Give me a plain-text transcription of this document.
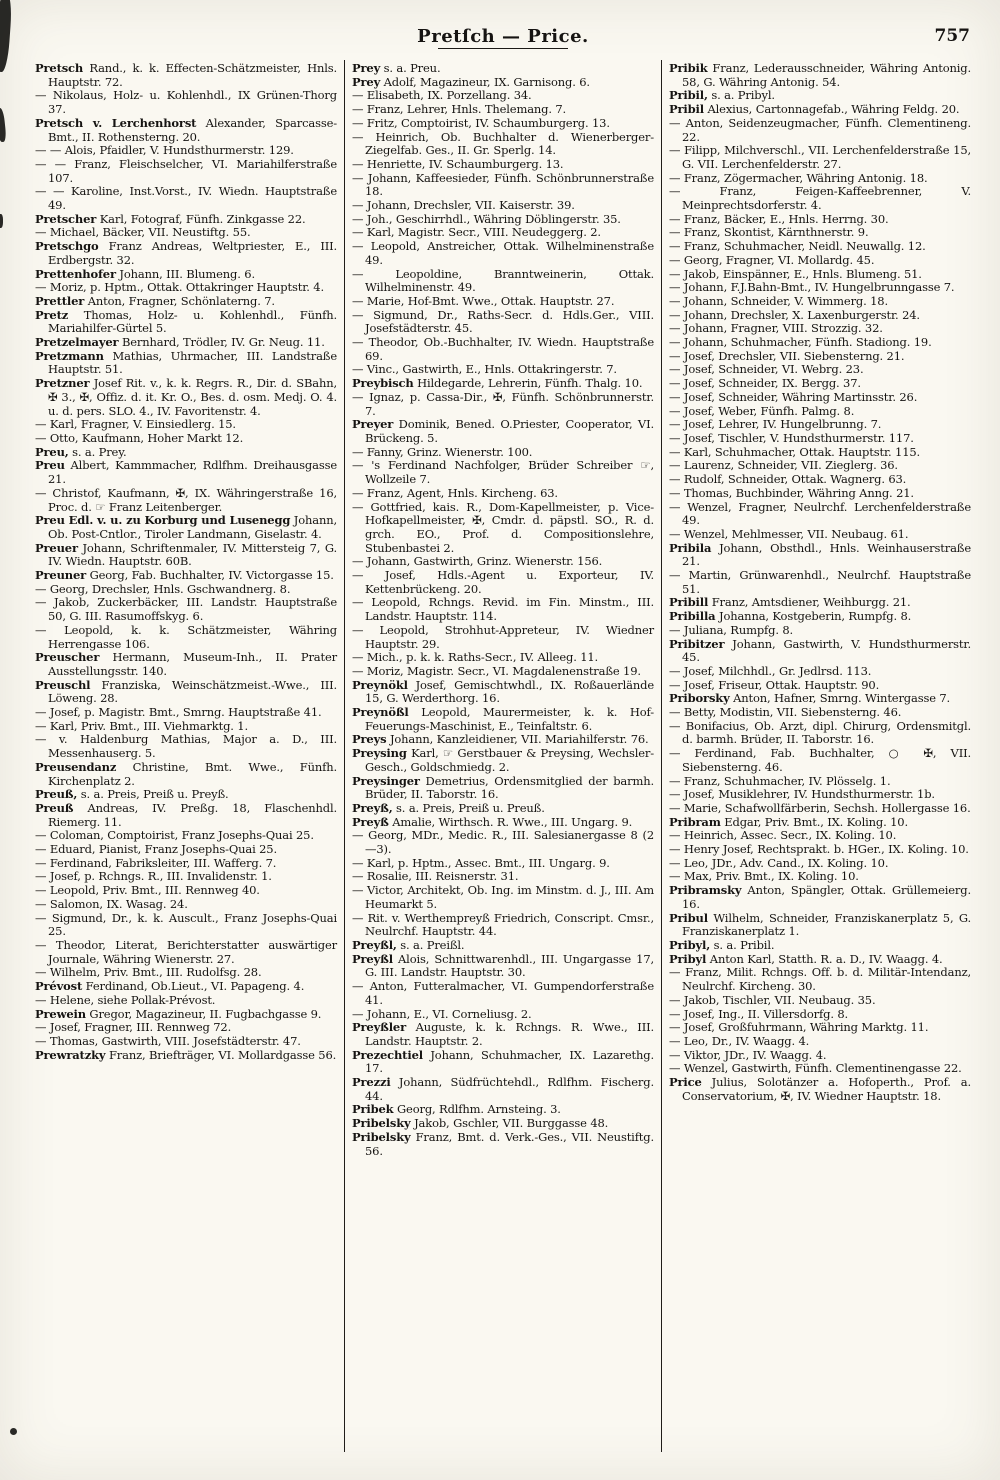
Pretſch — Price.	757
Pretsch Rand., k. k. Effecten-Schätzmeister, Hnls. Hauptstr. 72.
— Nikolaus, Holz- u. Kohlenhdl., IX Grünen-Thorg 37.
Pretsch v. Lerchenhorst Alexander, Sparcasse-Bmt., II. Rothensterng. 20.
— — Alois, Pfaidler, V. Hundsthurmerstr. 129.
— — Franz, Fleischselcher, VI. Mariahilferstraße 107.
— — Karoline, Inst.Vorst., IV. Wiedn. Hauptstraße 49.
Pretscher Karl, Fotograf, Fünfh. Zinkgasse 22.
— Michael, Bäcker, VII. Neustiftg. 55.
Pretschgo Franz Andreas, Weltpriester, E., III. Erdbergstr. 32.
Prettenhofer Johann, III. Blumeng. 6.
— Moriz, p. Hptm., Ottak. Ottakringer Hauptstr. 4.
Prettler Anton, Fragner, Schönlaterng. 7.
Pretz Thomas, Holz- u. Kohlenhdl., Fünfh. Mariahilfer-Gürtel 5.
Pretzelmayer Bernhard, Trödler, IV. Gr. Neug. 11.
Pretzmann Mathias, Uhrmacher, III. Landstraße Hauptstr. 51.
Pretzner Josef Rit. v., k. k. Regrs. R., Dir. d. SBahn, ✠ 3., ✠, Offiz. d. it. Kr. O., Bes. d. osm. Medj. O. 4. u. d. pers. SLO. 4., IV. Favoritenstr. 4.
— Karl, Fragner, V. Einsiedlerg. 15.
— Otto, Kaufmann, Hoher Markt 12.
Preu, s. a. Prey.
Preu Albert, Kammmacher, Rdlfhm. Dreihausgasse 21.
— Christof, Kaufmann, ✠, IX. Währingerstraße 16, Proc. d. ☞ Franz Leitenberger.
Preu Edl. v. u. zu Korburg und Lusenegg Johann, Ob. Post-Cntlor., Tiroler Landmann, Giselastr. 4.
Preuer Johann, Schriftenmaler, IV. Mittersteig 7, G. IV. Wiedn. Hauptstr. 60B.
Preuner Georg, Fab. Buchhalter, IV. Victorgasse 15.
— Georg, Drechsler, Hnls. Gschwandnerg. 8.
— Jakob, Zuckerbäcker, III. Landstr. Hauptstraße 50, G. III. Rasumoffskyg. 6.
— Leopold, k. k. Schätzmeister, Währing Herrengasse 106.
Preuscher Hermann, Museum-Inh., II. Prater Ausstellungsstr. 140.
Preuschl Franziska, Weinschätzmeist.-Wwe., III. Löweng. 28.
— Josef, p. Magistr. Bmt., Smrng. Hauptstraße 41.
— Karl, Priv. Bmt., III. Viehmarktg. 1.
— v. Haldenburg Mathias, Major a. D., III. Messenhauserg. 5.
Preusendanz Christine, Bmt. Wwe., Fünfh. Kirchenplatz 2.
Preuß, s. a. Preis, Preiß u. Preyß.
Preuß Andreas, IV. Preßg. 18, Flaschenhdl. Riemerg. 11.
— Coloman, Comptoirist, Franz Josephs-Quai 25.
— Eduard, Pianist, Franz Josephs-Quai 25.
— Ferdinand, Fabriksleiter, III. Wafferg. 7.
— Josef, p. Rchngs. R., III. Invalidenstr. 1.
— Leopold, Priv. Bmt., III. Rennweg 40.
— Salomon, IX. Wasag. 24.
— Sigmund, Dr., k. k. Auscult., Franz Josephs-Quai 25.
— Theodor, Literat, Berichterstatter auswärtiger Journale, Währing Wienerstr. 27.
— Wilhelm, Priv. Bmt., III. Rudolfsg. 28.
Prévost Ferdinand, Ob.Lieut., VI. Papageng. 4.
— Helene, siehe Pollak-Prévost.
Prewein Gregor, Magazineur, II. Fugbachgasse 9.
— Josef, Fragner, III. Rennweg 72.
— Thomas, Gastwirth, VIII. Josefstädterstr. 47.
Prewratzky Franz, Briefträger, VI. Mollardgasse 56.
Prey s. a. Preu.
Prey Adolf, Magazineur, IX. Garnisong. 6.
— Elisabeth, IX. Porzellang. 34.
— Franz, Lehrer, Hnls. Thelemang. 7.
— Fritz, Comptoirist, IV. Schaumburgerg. 13.
— Heinrich, Ob. Buchhalter d. Wienerberger-Ziegelfab. Ges., II. Gr. Sperlg. 14.
— Henriette, IV. Schaumburgerg. 13.
— Johann, Kaffeesieder, Fünfh. Schönbrunnerstraße 18.
— Johann, Drechsler, VII. Kaiserstr. 39.
— Joh., Geschirrhdl., Währing Döblingerstr. 35.
— Karl, Magistr. Secr., VIII. Neudeggerg. 2.
— Leopold, Anstreicher, Ottak. Wilhelminenstraße 49.
— Leopoldine, Branntweinerin, Ottak. Wilhelminenstr. 49.
— Marie, Hof-Bmt. Wwe., Ottak. Hauptstr. 27.
— Sigmund, Dr., Raths-Secr. d. Hdls.Ger., VIII. Josefstädterstr. 45.
— Theodor, Ob.-Buchhalter, IV. Wiedn. Hauptstraße 69.
— Vinc., Gastwirth, E., Hnls. Ottakringerstr. 7.
Preybisch Hildegarde, Lehrerin, Fünfh. Thalg. 10.
— Ignaz, p. Cassa-Dir., ✠, Fünfh. Schönbrunnerstr. 7.
Preyer Dominik, Bened. O.Priester, Cooperator, VI. Brückeng. 5.
— Fanny, Grinz. Wienerstr. 100.
— 's Ferdinand Nachfolger, Brüder Schreiber ☞, Wollzeile 7.
— Franz, Agent, Hnls. Kircheng. 63.
— Gottfried, kais. R., Dom-Kapellmeister, p. Vice-Hofkapellmeister, ✠, Cmdr. d. päpstl. SO., R. d. grch. EO., Prof. d. Compositionslehre, Stubenbastei 2.
— Johann, Gastwirth, Grinz. Wienerstr. 156.
— Josef, Hdls.-Agent u. Exporteur, IV. Kettenbrückeng. 20.
— Leopold, Rchngs. Revid. im Fin. Minstm., III. Landstr. Hauptstr. 114.
— Leopold, Strohhut-Appreteur, IV. Wiedner Hauptstr. 29.
— Mich., p. k. k. Raths-Secr., IV. Alleeg. 11.
— Moriz, Magistr. Secr., VI. Magdalenenstraße 19.
Preynökl Josef, Gemischtwhdl., IX. Roßauerlände 15, G. Werderthorg. 16.
Preynößl Leopold, Maurermeister, k. k. Hof-Feuerungs-Maschinist, E., Teinfaltstr. 6.
Preys Johann, Kanzleidiener, VII. Mariahilferstr. 76.
Preysing Karl, ☞ Gerstbauer & Preysing, Wechsler-Gesch., Goldschmiedg. 2.
Preysinger Demetrius, Ordensmitglied der barmh. Brüder, II. Taborstr. 16.
Preyß, s. a. Preis, Preiß u. Preuß.
Preyß Amalie, Wirthsch. R. Wwe., III. Ungarg. 9.
— Georg, MDr., Medic. R., III. Salesianergasse 8 (2—3).
— Karl, p. Hptm., Assec. Bmt., III. Ungarg. 9.
— Rosalie, III. Reisnerstr. 31.
— Victor, Architekt, Ob. Ing. im Minstm. d. J., III. Am Heumarkt 5.
— Rit. v. Werthempreyß Friedrich, Conscript. Cmsr., Neulrchf. Hauptstr. 44.
Preyßl, s. a. Preißl.
Preyßl Alois, Schnittwarenhdl., III. Ungargasse 17, G. III. Landstr. Hauptstr. 30.
— Anton, Futteralmacher, VI. Gumpendorferstraße 41.
— Johann, E., VI. Corneliusg. 2.
Preyßler Auguste, k. k. Rchngs. R. Wwe., III. Landstr. Hauptstr. 2.
Prezechtiel Johann, Schuhmacher, IX. Lazarethg. 17.
Prezzi Johann, Südfrüchtehdl., Rdlfhm. Fischerg. 44.
Pribek Georg, Rdlfhm. Arnsteing. 3.
Pribelsky Jakob, Gschler, VII. Burggasse 48.
Pribelsky Franz, Bmt. d. Verk.-Ges., VII. Neustiftg. 56.
Pribik Franz, Lederausschneider, Währing Antonig. 58, G. Währing Antonig. 54.
Pribil, s. a. Pribyl.
Pribil Alexius, Cartonnagefab., Währing Feldg. 20.
— Anton, Seidenzeugmacher, Fünfh. Clementineng. 22.
— Filipp, Milchverschl., VII. Lerchenfelderstraße 15, G. VII. Lerchenfelderstr. 27.
— Franz, Zögermacher, Währing Antonig. 18.
— Franz, Feigen-Kaffeebrenner, V. Meinprechtsdorferstr. 4.
— Franz, Bäcker, E., Hnls. Herrng. 30.
— Franz, Skontist, Kärnthnerstr. 9.
— Franz, Schuhmacher, Neidl. Neuwallg. 12.
— Georg, Fragner, VI. Mollardg. 45.
— Jakob, Einspänner, E., Hnls. Blumeng. 51.
— Johann, F.J.Bahn-Bmt., IV. Hungelbrunngasse 7.
— Johann, Schneider, V. Wimmerg. 18.
— Johann, Drechsler, X. Laxenburgerstr. 24.
— Johann, Fragner, VIII. Strozzig. 32.
— Johann, Schuhmacher, Fünfh. Stadiong. 19.
— Josef, Drechsler, VII. Siebensterng. 21.
— Josef, Schneider, VI. Webrg. 23.
— Josef, Schneider, IX. Bergg. 37.
— Josef, Schneider, Währing Martinsstr. 26.
— Josef, Weber, Fünfh. Palmg. 8.
— Josef, Lehrer, IV. Hungelbrunng. 7.
— Josef, Tischler, V. Hundsthurmerstr. 117.
— Karl, Schuhmacher, Ottak. Hauptstr. 115.
— Laurenz, Schneider, VII. Zieglerg. 36.
— Rudolf, Schneider, Ottak. Wagnerg. 63.
— Thomas, Buchbinder, Währing Anng. 21.
— Wenzel, Fragner, Neulrchf. Lerchenfelderstraße 49.
— Wenzel, Mehlmesser, VII. Neubaug. 61.
Pribila Johann, Obsthdl., Hnls. Weinhauserstraße 21.
— Martin, Grünwarenhdl., Neulrchf. Hauptstraße 51.
Pribill Franz, Amtsdiener, Weihburgg. 21.
Pribilla Johanna, Kostgeberin, Rumpfg. 8.
— Juliana, Rumpfg. 8.
Pribitzer Johann, Gastwirth, V. Hundsthurmerstr. 45.
— Josef, Milchhdl., Gr. Jedlrsd. 113.
— Josef, Friseur, Ottak. Hauptstr. 90.
Priborsky Anton, Hafner, Smrng. Wintergasse 7.
— Betty, Modistin, VII. Siebensterng. 46.
— Bonifacius, Ob. Arzt, dipl. Chirurg, Ordensmitgl. d. barmh. Brüder, II. Taborstr. 16.
— Ferdinand, Fab. Buchhalter, ○ ✠, VII. Siebensterng. 46.
— Franz, Schuhmacher, IV. Plösselg. 1.
— Josef, Musiklehrer, IV. Hundsthurmerstr. 1b.
— Marie, Schafwollfärberin, Sechsh. Hollergasse 16.
Pribram Edgar, Priv. Bmt., IX. Koling. 10.
— Heinrich, Assec. Secr., IX. Koling. 10.
— Henry Josef, Rechtsprakt. b. HGer., IX. Koling. 10.
— Leo, JDr., Adv. Cand., IX. Koling. 10.
— Max, Priv. Bmt., IX. Koling. 10.
Pribramsky Anton, Spängler, Ottak. Grüllemeierg. 16.
Pribul Wilhelm, Schneider, Franziskanerplatz 5, G. Franziskanerplatz 1.
Pribyl, s. a. Pribil.
Pribyl Anton Karl, Statth. R. a. D., IV. Waagg. 4.
— Franz, Milit. Rchngs. Off. b. d. Militär-Intendanz, Neulrchf. Kircheng. 30.
— Jakob, Tischler, VII. Neubaug. 35.
— Josef, Ing., II. Villersdorfg. 8.
— Josef, Großfuhrmann, Währing Marktg. 11.
— Leo, Dr., IV. Waagg. 4.
— Viktor, JDr., IV. Waagg. 4.
— Wenzel, Gastwirth, Fünfh. Clementinengasse 22.
Price Julius, Solotänzer a. Hofoperth., Prof. a. Conservatorium, ✠, IV. Wiedner Hauptstr. 18.
